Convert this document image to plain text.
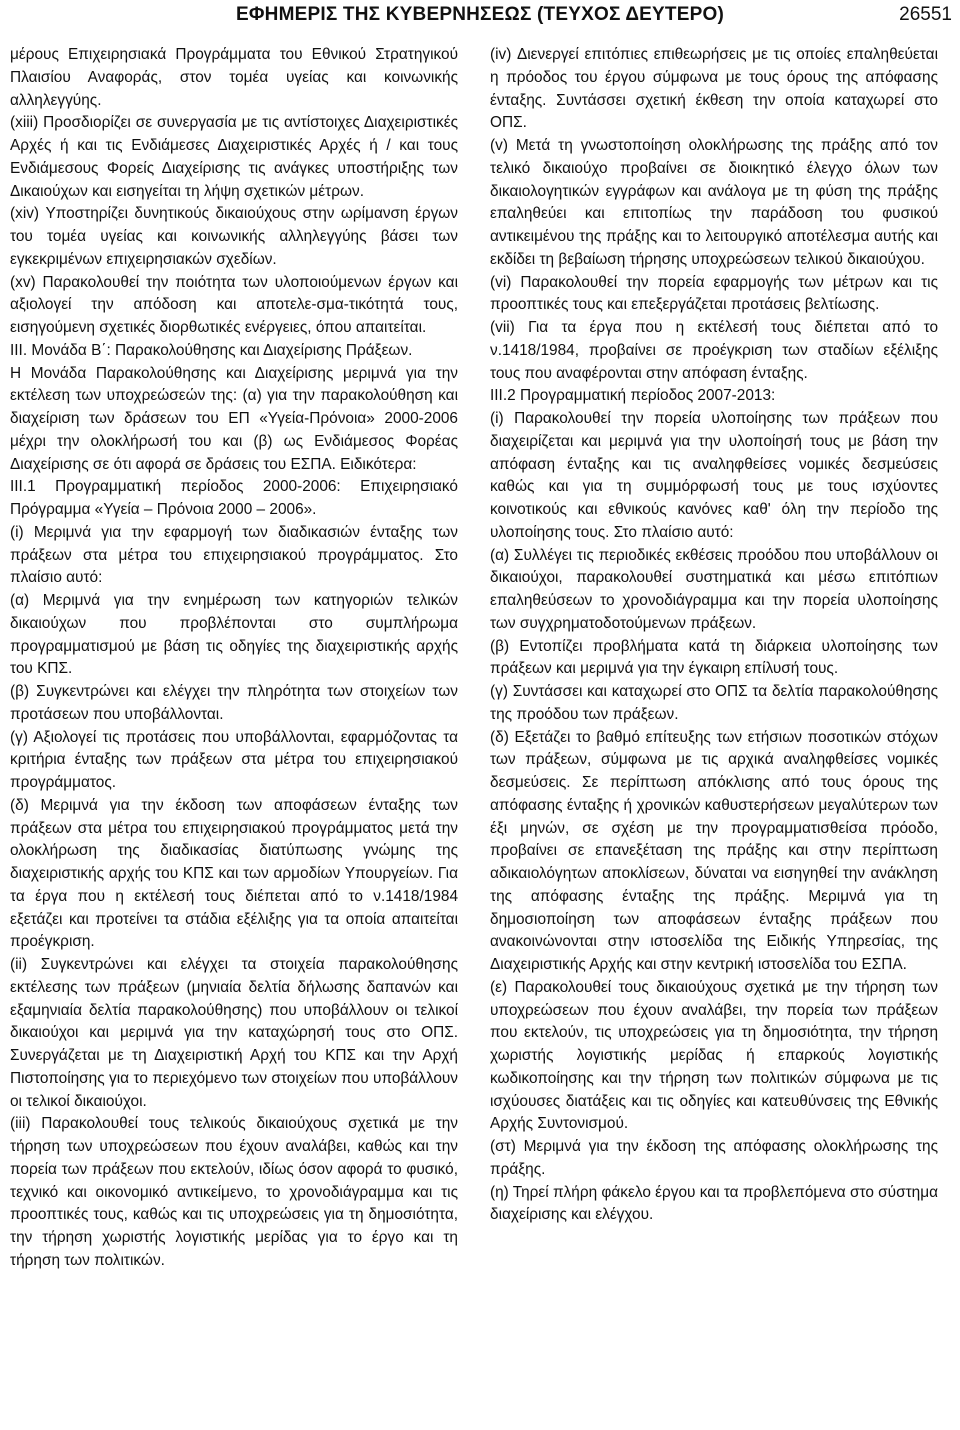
ΕΦΗΜΕΡΙΣ ΤΗΣ ΚΥΒΕΡΝΗΣΕΩΣ (ΤΕΥΧΟΣ ΔΕΥΤΕΡΟ)	26551

μέρους Επιχειρησιακά Προγράμματα του Εθνικού Στρατηγικού Πλαισίου Αναφοράς, στον τομέα υγείας και κοινωνικής αλληλεγγύης.

(xiii) Προσδιορίζει σε συνεργασία με τις αντίστοιχες Διαχειριστικές Αρχές ή και τις Ενδιάμεσες Διαχειριστικές Αρχές ή / και τους Ενδιάμεσους Φορείς Διαχείρισης τις ανάγκες υποστήριξης των Δικαιούχων και εισηγείται τη λήψη σχετικών μέτρων.

(xiv) Υποστηρίζει δυνητικούς δικαιούχους στην ωρίμανση έργων του τομέα υγείας και κοινωνικής αλληλεγγύης βάσει των εγκεκριμένων επιχειρησιακών σχεδίων.

(xv) Παρακολουθεί την ποιότητα των υλοποιούμενων έργων και αξιολογεί την απόδοση και αποτελε-σμα-τικότητά τους, εισηγούμενη σχετικές διορθωτικές ενέργειες, όπου απαιτείται.

ΙΙΙ. Μονάδα Β΄: Παρακολούθησης και Διαχείρισης Πράξεων.

Η Μονάδα Παρακολούθησης και Διαχείρισης μεριμνά για την εκτέλεση των υποχρεώσεών της: (α) για την παρακολούθηση και διαχείριση των δράσεων του ΕΠ «Υγεία-Πρόνοια» 2000-2006 μέχρι την ολοκλήρωσή του και (β) ως Ενδιάμεσος Φορέας Διαχείρισης σε ότι αφορά σε δράσεις του ΕΣΠΑ. Ειδικότερα:

ΙΙΙ.1 Προγραμματική περίοδος 2000-2006: Επιχειρησιακό Πρόγραμμα «Υγεία – Πρόνοια 2000 – 2006».

(i) Μεριμνά για την εφαρμογή των διαδικασιών ένταξης των πράξεων στα μέτρα του επιχειρησιακού προγράμματος. Στο πλαίσιο αυτό:

(α) Μεριμνά για την ενημέρωση των κατηγοριών τελικών δικαιούχων που προβλέπονται στο συμπλήρωμα προγραμματισμού με βάση τις οδηγίες της διαχειριστικής αρχής του ΚΠΣ.

(β) Συγκεντρώνει και ελέγχει την πληρότητα των στοιχείων των προτάσεων που υποβάλλονται.

(γ) Αξιολογεί τις προτάσεις που υποβάλλονται, εφαρμόζοντας τα κριτήρια ένταξης των πράξεων στα μέτρα του επιχειρησιακού προγράμματος.

(δ) Μεριμνά για την έκδοση των αποφάσεων ένταξης των πράξεων στα μέτρα του επιχειρησιακού προγράμματος μετά την ολοκλήρωση της διαδικασίας διατύπωσης γνώμης της διαχειριστικής αρχής του ΚΠΣ και των αρμοδίων Υπουργείων. Για τα έργα που η εκτέλεσή τους διέπεται από το ν.1418/1984 εξετάζει και προτείνει τα στάδια εξέλιξης για τα οποία απαιτείται προέγκριση.

(ii) Συγκεντρώνει και ελέγχει τα στοιχεία παρακολούθησης εκτέλεσης των πράξεων (μηνιαία δελτία δήλωσης δαπανών και εξαμηνιαία δελτία παρακολούθησης) που υποβάλλουν οι τελικοί δικαιούχοι και μεριμνά για την καταχώρησή τους στο ΟΠΣ. Συνεργάζεται με τη Διαχειριστική Αρχή του ΚΠΣ και την Αρχή Πιστοποίησης για το περιεχόμενο των στοιχείων που υποβάλλουν οι τελικοί δικαιούχοι.

(iii) Παρακολουθεί τους τελικούς δικαιούχους σχετικά με την τήρηση των υποχρεώσεων που έχουν αναλάβει, καθώς και την πορεία των πράξεων που εκτελούν, ιδίως όσον αφορά το φυσικό, τεχνικό και οικονομικό αντικείμενο, το χρονοδιάγραμμα και τις προοπτικές τους, καθώς και τις υποχρεώσεις για τη δημοσιότητα, την τήρηση χωριστής λογιστικής μερίδας για το έργο και τη τήρηση των πολιτικών.

(iv) Διενεργεί επιτόπιες επιθεωρήσεις με τις οποίες επαληθεύεται η πρόοδος του έργου σύμφωνα με τους όρους της απόφασης ένταξης. Συντάσσει σχετική έκθεση την οποία καταχωρεί στο ΟΠΣ.

(v) Μετά τη γνωστοποίηση ολοκλήρωσης της πράξης από τον τελικό δικαιούχο προβαίνει σε διοικητικό έλεγχο όλων των δικαιολογητικών εγγράφων και ανάλογα με τη φύση της πράξης επαληθεύει και επιτοπίως την παράδοση του φυσικού αντικειμένου της πράξης και το λειτουργικό αποτέλεσμα αυτής και εκδίδει τη βεβαίωση τήρησης υποχρεώσεων τελικού δικαιούχου.

(vi) Παρακολουθεί την πορεία εφαρμογής των μέτρων και τις προοπτικές τους και επεξεργάζεται προτάσεις βελτίωσης.

(vii) Για τα έργα που η εκτέλεσή τους διέπεται από το ν.1418/1984, προβαίνει σε προέγκριση των σταδίων εξέλιξης τους που αναφέρονται στην απόφαση ένταξης.

ΙΙΙ.2 Προγραμματική περίοδος 2007-2013:

(i) Παρακολουθεί την πορεία υλοποίησης των πράξεων που διαχειρίζεται και μεριμνά για την υλοποίησή τους με βάση την απόφαση ένταξης και τις αναληφθείσες νομικές δεσμεύσεις καθώς και για τη συμμόρφωσή τους με τους ισχύοντες κοινοτικούς και εθνικούς κανόνες καθ' όλη την περίοδο της υλοποίησης τους. Στο πλαίσιο αυτό:

(α) Συλλέγει τις περιοδικές εκθέσεις προόδου που υποβάλλουν οι δικαιούχοι, παρακολουθεί συστηματικά και μέσω επιτόπιων επαληθεύσεων το χρονοδιάγραμμα και την πορεία υλοποίησης των συγχρηματοδοτούμενων πράξεων.

(β) Εντοπίζει προβλήματα κατά τη διάρκεια υλοποίησης των πράξεων και μεριμνά για την έγκαιρη επίλυσή τους.

(γ) Συντάσσει και καταχωρεί στο ΟΠΣ τα δελτία παρακολούθησης της προόδου των πράξεων.

(δ) Εξετάζει το βαθμό επίτευξης των ετήσιων ποσοτικών στόχων των πράξεων, σύμφωνα με τις αρχικά αναληφθείσες νομικές δεσμεύσεις. Σε περίπτωση απόκλισης από τους όρους της απόφασης ένταξης ή χρονικών καθυστερήσεων μεγαλύτερων των έξι μηνών, σε σχέση με την προγραμματισθείσα πρόοδο, προβαίνει σε επανεξέταση της πράξης και στην περίπτωση αδικαιολόγητων αποκλίσεων, δύναται να εισηγηθεί την ανάκληση της απόφασης ένταξης της πράξης. Μεριμνά για τη δημοσιοποίηση των αποφάσεων ένταξης πράξεων που ανακοινώνονται στην ιστοσελίδα της Ειδικής Υπηρεσίας, της Διαχειριστικής Αρχής και στην κεντρική ιστοσελίδα του ΕΣΠΑ.

(ε) Παρακολουθεί τους δικαιούχους σχετικά με την τήρηση των υποχρεώσεων που έχουν αναλάβει, την πορεία των πράξεων που εκτελούν, τις υποχρεώσεις για τη δημοσιότητα, την τήρηση χωριστής λογιστικής μερίδας ή επαρκούς λογιστικής κωδικοποίησης και την τήρηση των πολιτικών σύμφωνα με τις ισχύουσες διατάξεις και τις οδηγίες και κατευθύνσεις της Εθνικής Αρχής Συντονισμού.

(στ) Μεριμνά για την έκδοση της απόφασης ολοκλήρωσης της πράξης.

(η) Τηρεί πλήρη φάκελο έργου και τα προβλεπόμενα στο σύστημα διαχείρισης και ελέγχου.
